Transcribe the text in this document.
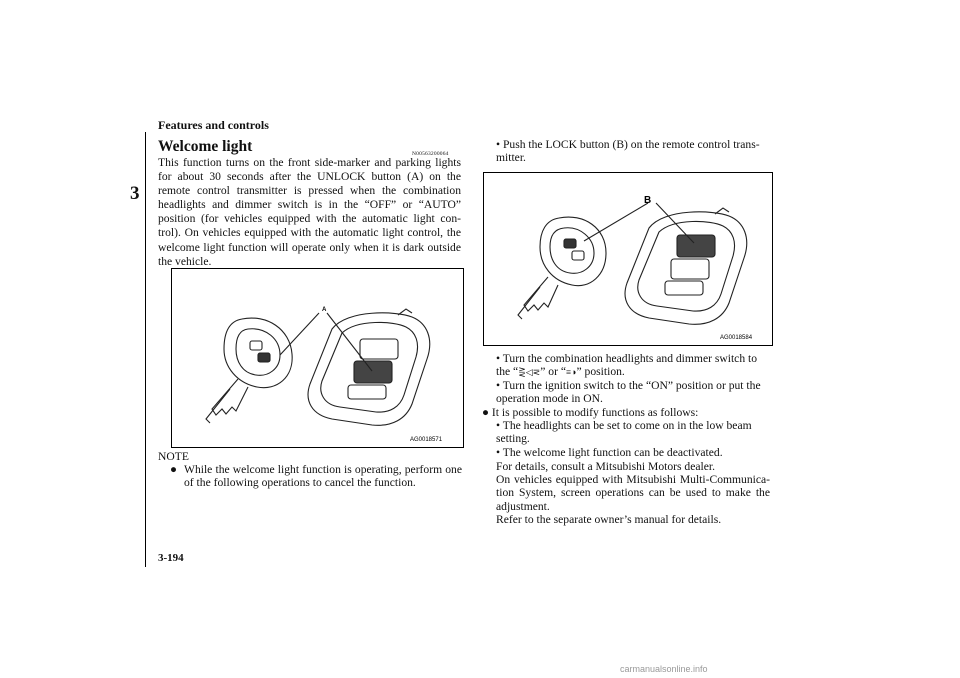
Features and controls
3
Welcome light	N00563200064
This function turns on the front side-marker and parking lights for about 30 seconds after the UNLOCK button (A) on the remote control transmitter is pressed when the combination headlights and dimmer switch is in the “OFF” or “AUTO” position (for vehicles equipped with the automatic light con-trol). On vehicles equipped with the automatic light control, the welcome light function will operate only when it is dark outside the vehicle.
A
AG0018571
NOTE
● While the welcome light function is operating, perform one of the following operations to cancel the function.
• Push the LOCK button (B) on the remote control trans-mitter.
B
AG0018584
• Turn the combination headlights and dimmer switch to the “⋛◁⋜” or “≡◑” position.
• Turn the ignition switch to the “ON” position or put the operation mode in ON.
● It is possible to modify functions as follows:
• The headlights can be set to come on in the low beam setting.
• The welcome light function can be deactivated.
For details, consult a Mitsubishi Motors dealer.
On vehicles equipped with Mitsubishi Multi-Communica-tion System, screen operations can be used to make the adjustment.
Refer to the separate owner’s manual for details.
3-194
carmanualsonline.info
